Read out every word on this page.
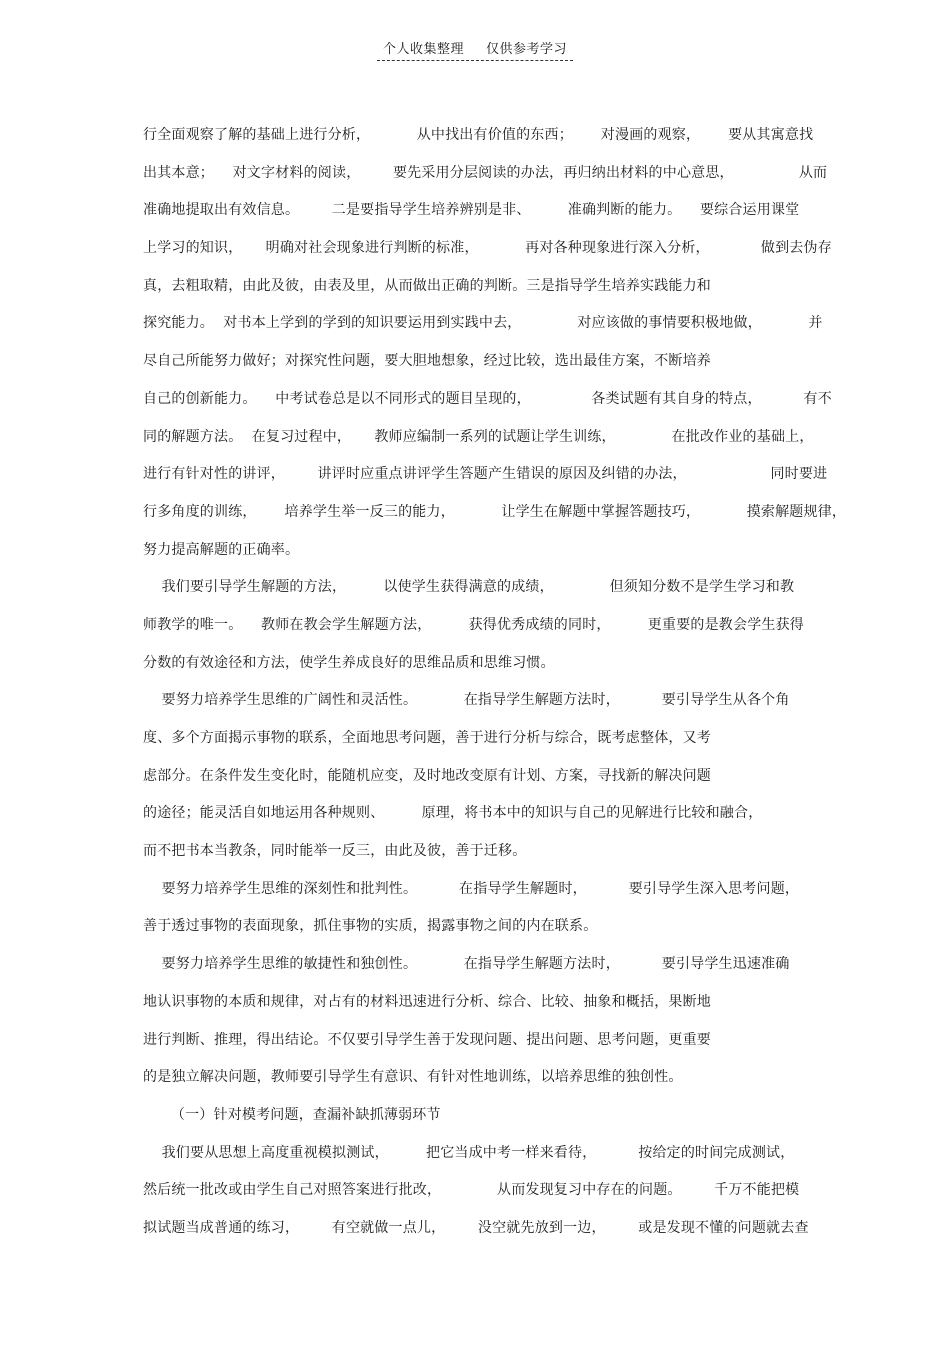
个人收集整理 仅供参考学习
行全面观察了解的基础上进行分析，          从中找出有价值的东西；      对漫画的观察，      要从其寓意找
出其本意；    对文字材料的阅读，       要先采用分层阅读的办法，再归纳出材料的中心意思，              从而
准确地提取出有效信息。       二是要指导学生培养辨别是非、        准确判断的能力。    要综合运用课堂
上学习的知识，     明确对社会现象进行判断的标准，          再对各种现象进行深入分析，           做到去伪存
真，去粗取精，由此及彼，由表及里，从而做出正确的判断。三是指导学生培养实践能力和
探究能力。  对书本上学到的学到的知识要运用到实践中去，            对应该做的事情要积极地做，          并
尽自己所能努力做好；对探究性问题，要大胆地想象，经过比较，选出最佳方案，不断培养
自己的创新能力。    中考试卷总是以不同形式的题目呈现的，             各类试题有其自身的特点，         有不
同的解题方法。  在复习过程中，     教师应编制一系列的试题让学生训练，            在批改作业的基础上，
进行有针对性的讲评，       讲评时应重点讲评学生答题产生错误的原因及纠错的办法，                  同时要进
行多角度的训练，      培养学生举一反三的能力，          让学生在解题中掌握答题技巧，          摸索解题规律，
努力提高解题的正确率。
我们要引导学生解题的方法，        以使学生获得满意的成绩，            但须知分数不是学生学习和教
师教学的唯一。    教师在教会学生解题方法，        获得优秀成绩的同时，        更重要的是教会学生获得
分数的有效途径和方法，使学生养成良好的思维品质和思维习惯。
要努力培养学生思维的广阔性和灵活性。          在指导学生解题方法时，         要引导学生从各个角
度、多个方面揭示事物的联系，全面地思考问题，善于进行分析与综合，既考虑整体，又考
虑部分。在条件发生变化时，能随机应变，及时地改变原有计划、方案，寻找新的解决问题
的途径；能灵活自如地运用各种规则、        原理，将书本中的知识与自己的见解进行比较和融合，
而不把书本当教条，同时能举一反三，由此及彼，善于迁移。
要努力培养学生思维的深刻性和批判性。         在指导学生解题时，         要引导学生深入思考问题，
善于透过事物的表面现象，抓住事物的实质，揭露事物之间的内在联系。
要努力培养学生思维的敏捷性和独创性。          在指导学生解题方法时，         要引导学生迅速准确
地认识事物的本质和规律，对占有的材料迅速进行分析、综合、比较、抽象和概括，果断地
进行判断、推理，得出结论。不仅要引导学生善于发现问题、提出问题、思考问题，更重要
的是独立解决问题，教师要引导学生有意识、有针对性地训练，以培养思维的独创性。
（一）针对模考问题，查漏补缺抓薄弱环节
我们要从思想上高度重视模拟测试，        把它当成中考一样来看待，         按给定的时间完成测试，
然后统一批改或由学生自己对照答案进行批改，            从而发现复习中存在的问题。       千万不能把模
拟试题当成普通的练习，       有空就做一点儿，       没空就先放到一边，       或是发现不懂的问题就去查
